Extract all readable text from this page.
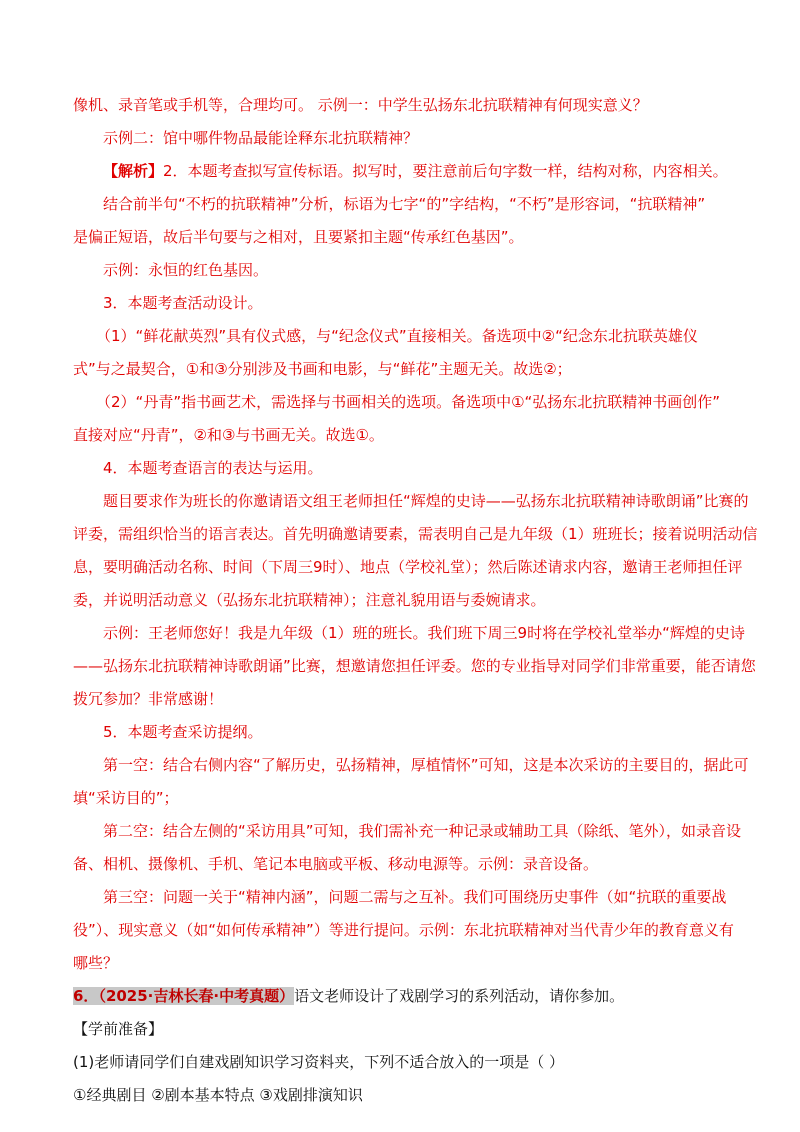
像机、录音笔或手机等，合理均可。 示例一：中学生弘扬东北抗联精神有何现实意义？
示例二：馆中哪件物品最能诠释东北抗联精神？
【解析】2．本题考查拟写宣传标语。拟写时，要注意前后句字数一样，结构对称，内容相关。
结合前半句“不朽的抗联精神”分析，标语为七字“的”字结构，“不朽”是形容词，“抗联精神”
是偏正短语，故后半句要与之相对，且要紧扣主题“传承红色基因”。
示例：永恒的红色基因。
3．本题考查活动设计。
（1）“鲜花献英烈”具有仪式感，与“纪念仪式”直接相关。备选项中②“纪念东北抗联英雄仪
式”与之最契合，①和③分别涉及书画和电影，与“鲜花”主题无关。故选②；
（2）“丹青”指书画艺术，需选择与书画相关的选项。备选项中①“弘扬东北抗联精神书画创作”
直接对应“丹青”，②和③与书画无关。故选①。
4．本题考查语言的表达与运用。
题目要求作为班长的你邀请语文组王老师担任“辉煌的史诗——弘扬东北抗联精神诗歌朗诵”比赛的
评委，需组织恰当的语言表达。首先明确邀请要素，需表明自己是九年级（1）班班长；接着说明活动信
息，要明确活动名称、时间（下周三9时）、地点（学校礼堂）；然后陈述请求内容，邀请王老师担任评
委，并说明活动意义（弘扬东北抗联精神）；注意礼貌用语与委婉请求。
示例：王老师您好！我是九年级（1）班的班长。我们班下周三9时将在学校礼堂举办“辉煌的史诗
——弘扬东北抗联精神诗歌朗诵”比赛，想邀请您担任评委。您的专业指导对同学们非常重要，能否请您
拨冗参加？非常感谢！
5．本题考查采访提纲。
第一空：结合右侧内容“了解历史，弘扬精神，厚植情怀”可知，这是本次采访的主要目的，据此可
填“采访目的”；
第二空：结合左侧的“采访用具”可知，我们需补充一种记录或辅助工具（除纸、笔外），如录音设
备、相机、摄像机、手机、笔记本电脑或平板、移动电源等。示例：录音设备。
第三空：问题一关于“精神内涵”，问题二需与之互补。我们可围绕历史事件（如“抗联的重要战
役”）、现实意义（如“如何传承精神”）等进行提问。示例：东北抗联精神对当代青少年的教育意义有
哪些？
6．（2025·吉林长春·中考真题）语文老师设计了戏剧学习的系列活动，请你参加。
【学前准备】
(1)老师请同学们自建戏剧知识学习资料夹，下列不适合放入的一项是（ ）
①经典剧目 ②剧本基本特点 ③戏剧排演知识
